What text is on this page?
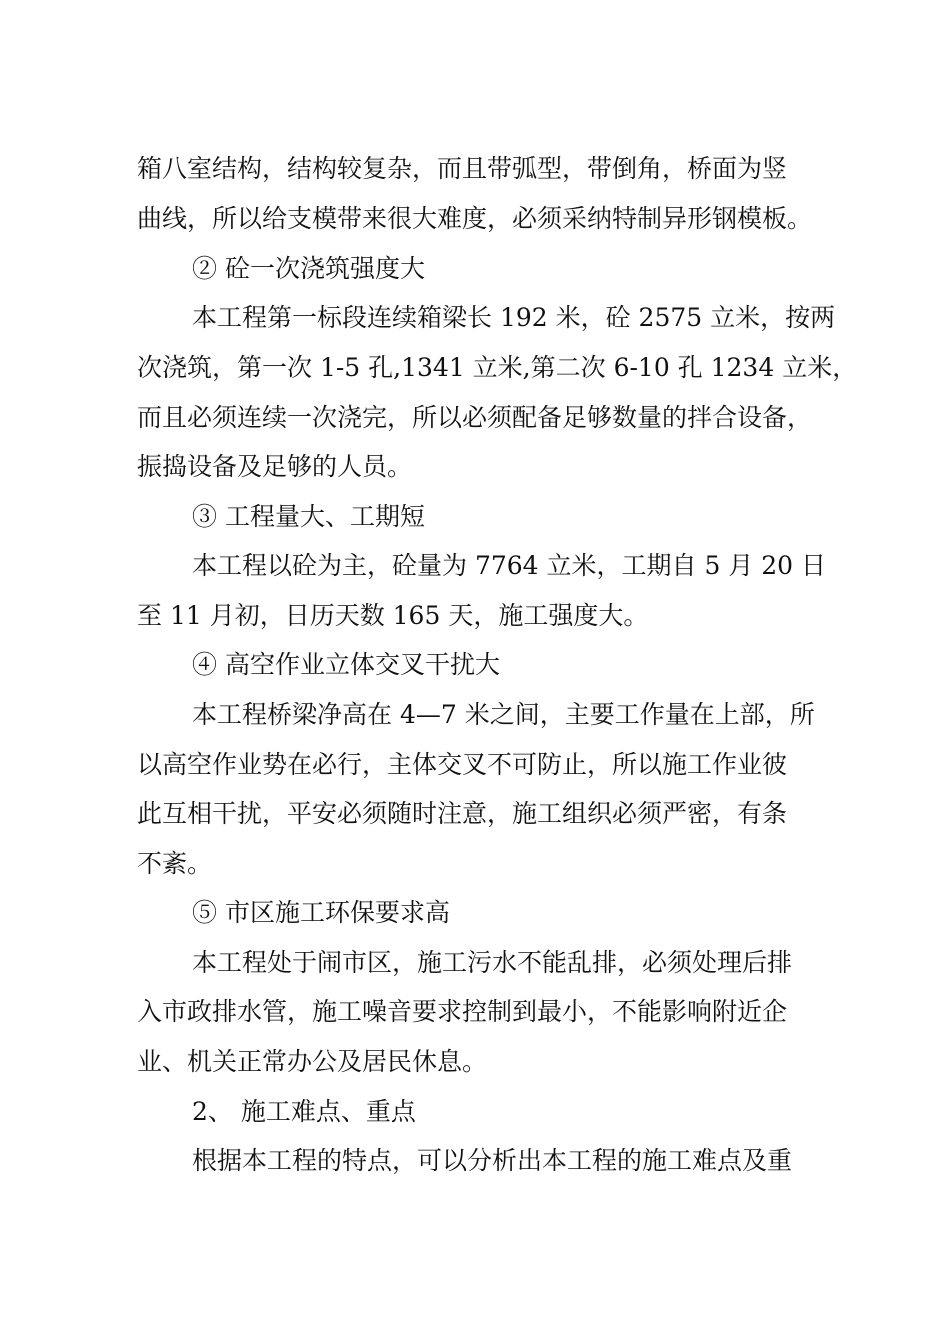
箱八室结构，结构较复杂，而且带弧型，带倒角，桥面为竖
曲线，所以给支模带来很大难度，必须采纳特制异形钢模板。
② 砼一次浇筑强度大
本工程第一标段连续箱梁长 192 米，砼 2575 立米，按两
次浇筑，第一次 1-5 孔,1341 立米,第二次 6-10 孔 1234 立米，
而且必须连续一次浇完，所以必须配备足够数量的拌合设备，
振捣设备及足够的人员。
③ 工程量大、工期短
本工程以砼为主，砼量为 7764 立米，工期自 5 月 20 日
至 11 月初，日历天数 165 天，施工强度大。
④ 高空作业立体交叉干扰大
本工程桥梁净高在 4—7 米之间，主要工作量在上部，所
以高空作业势在必行，主体交叉不可防止，所以施工作业彼
此互相干扰，平安必须随时注意，施工组织必须严密，有条
不紊。
⑤ 市区施工环保要求高
本工程处于闹市区，施工污水不能乱排，必须处理后排
入市政排水管，施工噪音要求控制到最小，不能影响附近企
业、机关正常办公及居民休息。
2、 施工难点、重点
根据本工程的特点，可以分析出本工程的施工难点及重
